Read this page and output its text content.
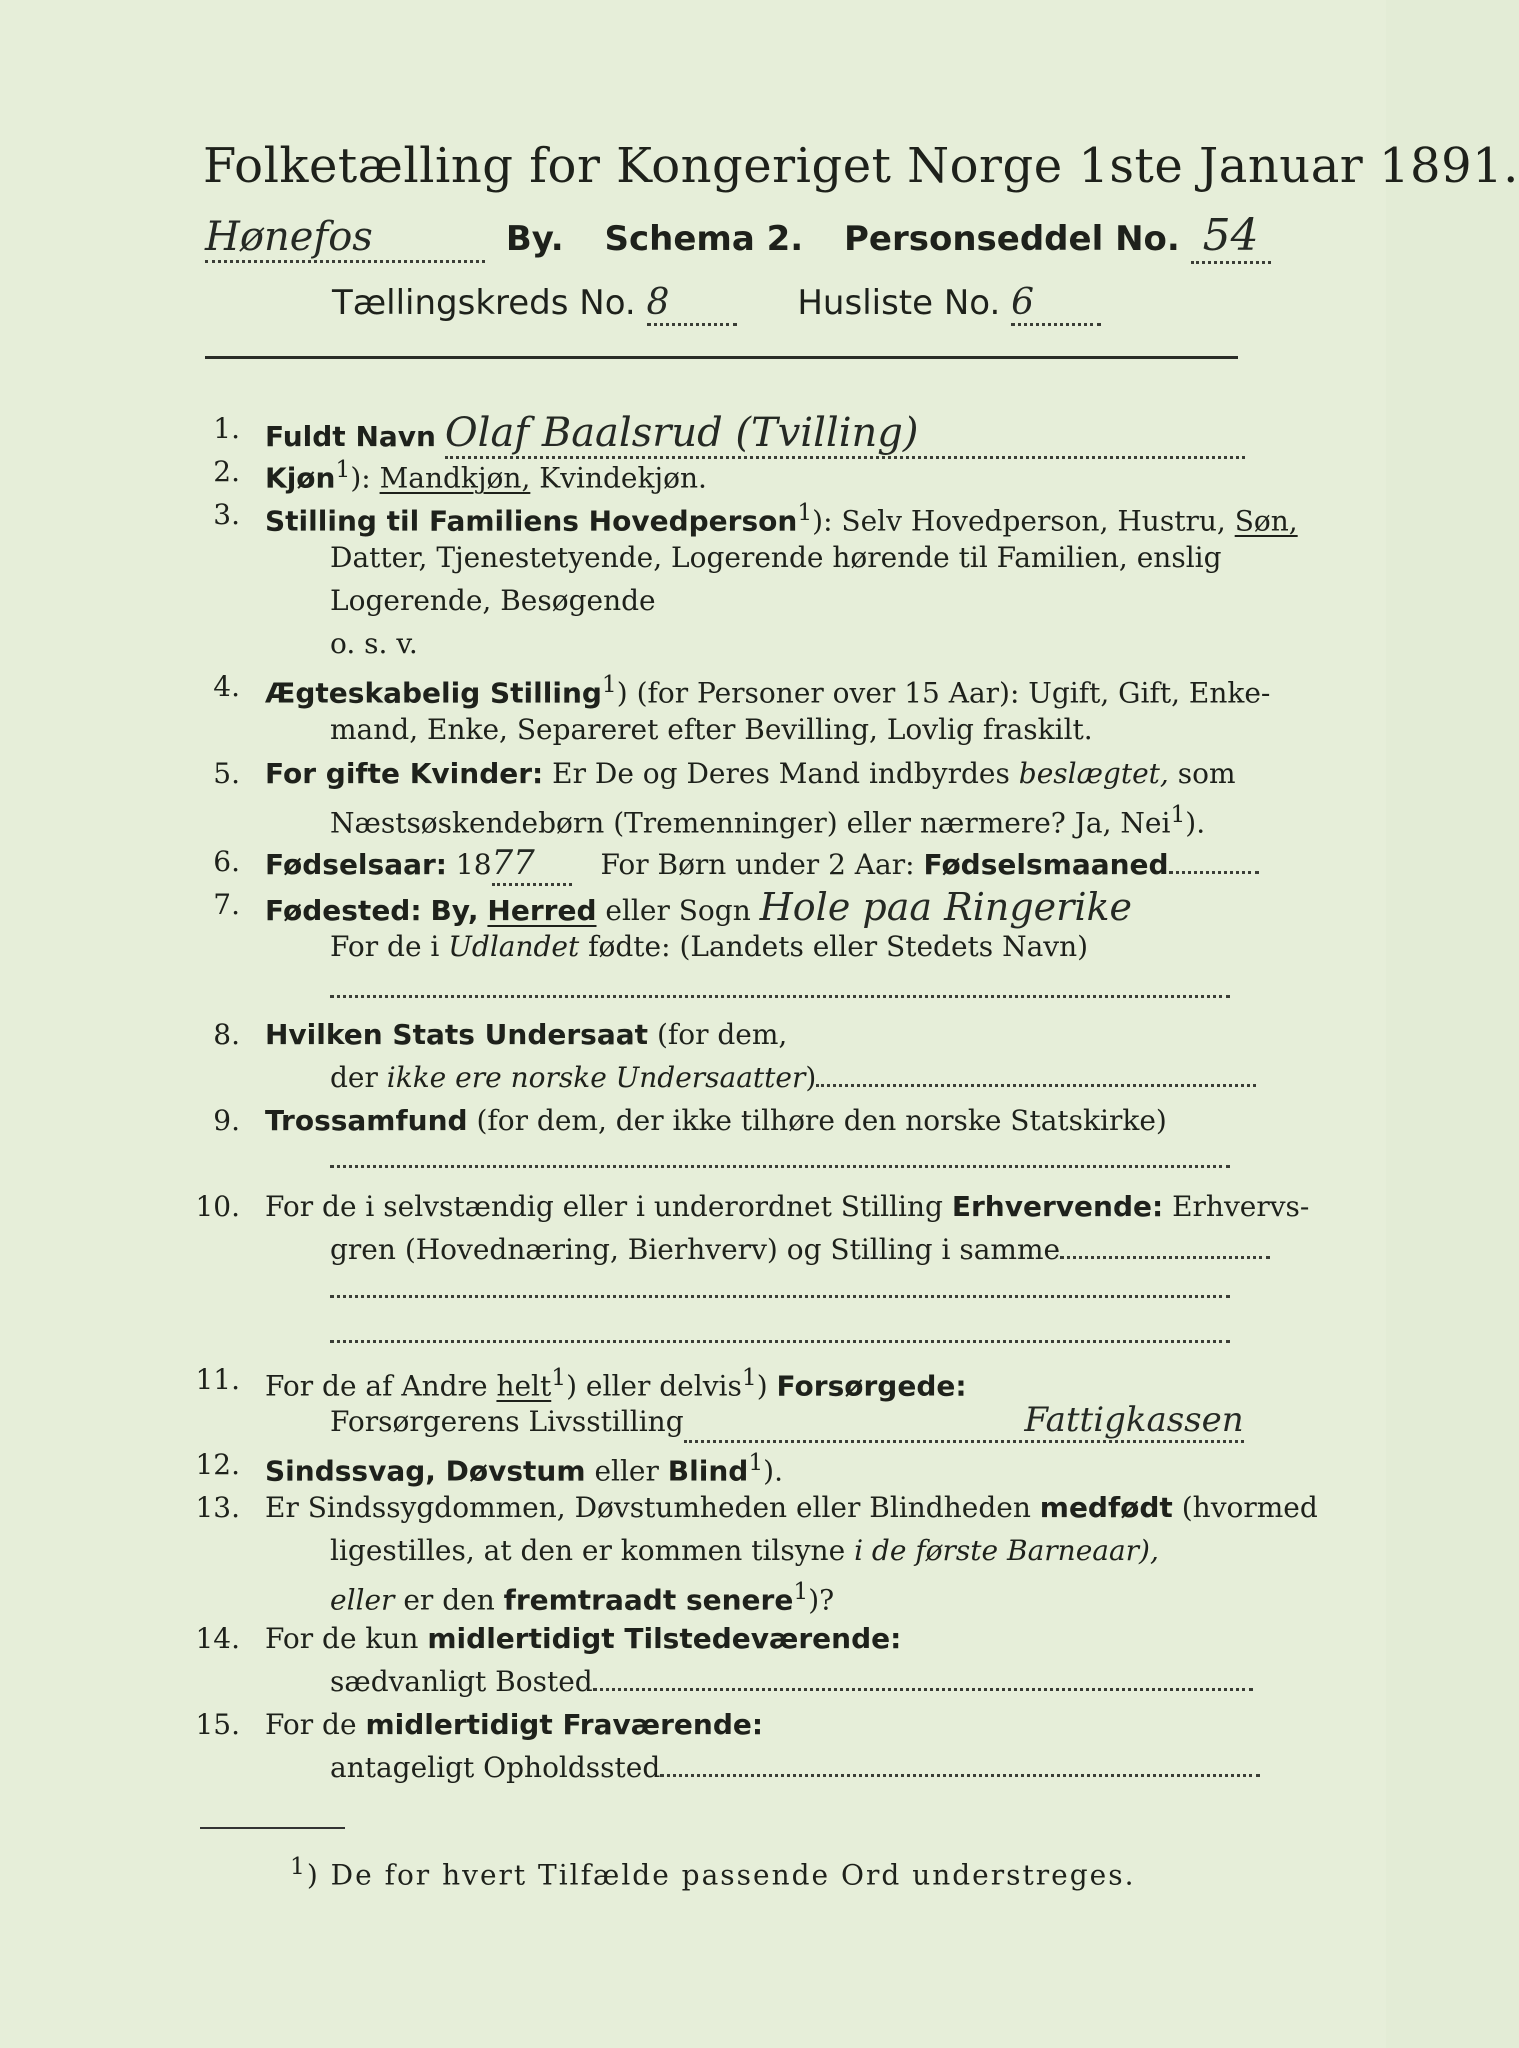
Folketælling for Kongeriget Norge 1ste Januar 1891.
Hønefos	By. Schema 2. Personseddel No. 54
Tællingskreds No. 8	Husliste No. 6
1. Fuldt Navn Olaf Baalsrud (Tvilling)
2. Kjøn$^1$): Mandkjøn, Kvindekjøn.
3. Stilling til Familiens Hovedperson$^1$): Selv Hovedperson, Hustru, Søn,
Datter, Tjenestetyende, Logerende hørende til Familien, enslig
Logerende, Besøgende
o. s. v.
4. Ægteskabelig Stilling$^1$) (for Personer over 15 Aar): Ugift, Gift, Enke-
mand, Enke, Separeret efter Bevilling, Lovlig fraskilt.
5. For gifte Kvinder: Er De og Deres Mand indbyrdes beslægtet, som
Næstsøskendebørn (Tremenninger) eller nærmere? Ja, Nei$^1$).
6. Fødselsaar: 1877 For Børn under 2 Aar: Fødselsmaaned
7. Fødested: By, Herred eller Sogn Hole paa Ringerike
For de i Udlandet fødte: (Landets eller Stedets Navn)
8. Hvilken Stats Undersaat (for dem,
der ikke ere norske Undersaatter)
9. Trossamfund (for dem, der ikke tilhøre den norske Statskirke)
10. For de i selvstændig eller i underordnet Stilling Erhvervende: Erhvervs-
gren (Hovednæring, Bierhverv) og Stilling i samme
11. For de af Andre helt$^1$) eller delvis$^1$) Forsørgede:
Forsørgerens Livsstilling	Fattigkassen
12. Sindssvag, Døvstum eller Blind$^1$).
13. Er Sindssygdommen, Døvstumheden eller Blindheden medfødt (hvormed
ligestilles, at den er kommen tilsyne i de første Barneaar),
eller er den fremtraadt senere$^1$)?
14. For de kun midlertidigt Tilstedeværende:
sædvanligt Bosted
15. For de midlertidigt Fraværende:
antageligt Opholdssted
$^1$) De for hvert Tilfælde passende Ord understreges.
